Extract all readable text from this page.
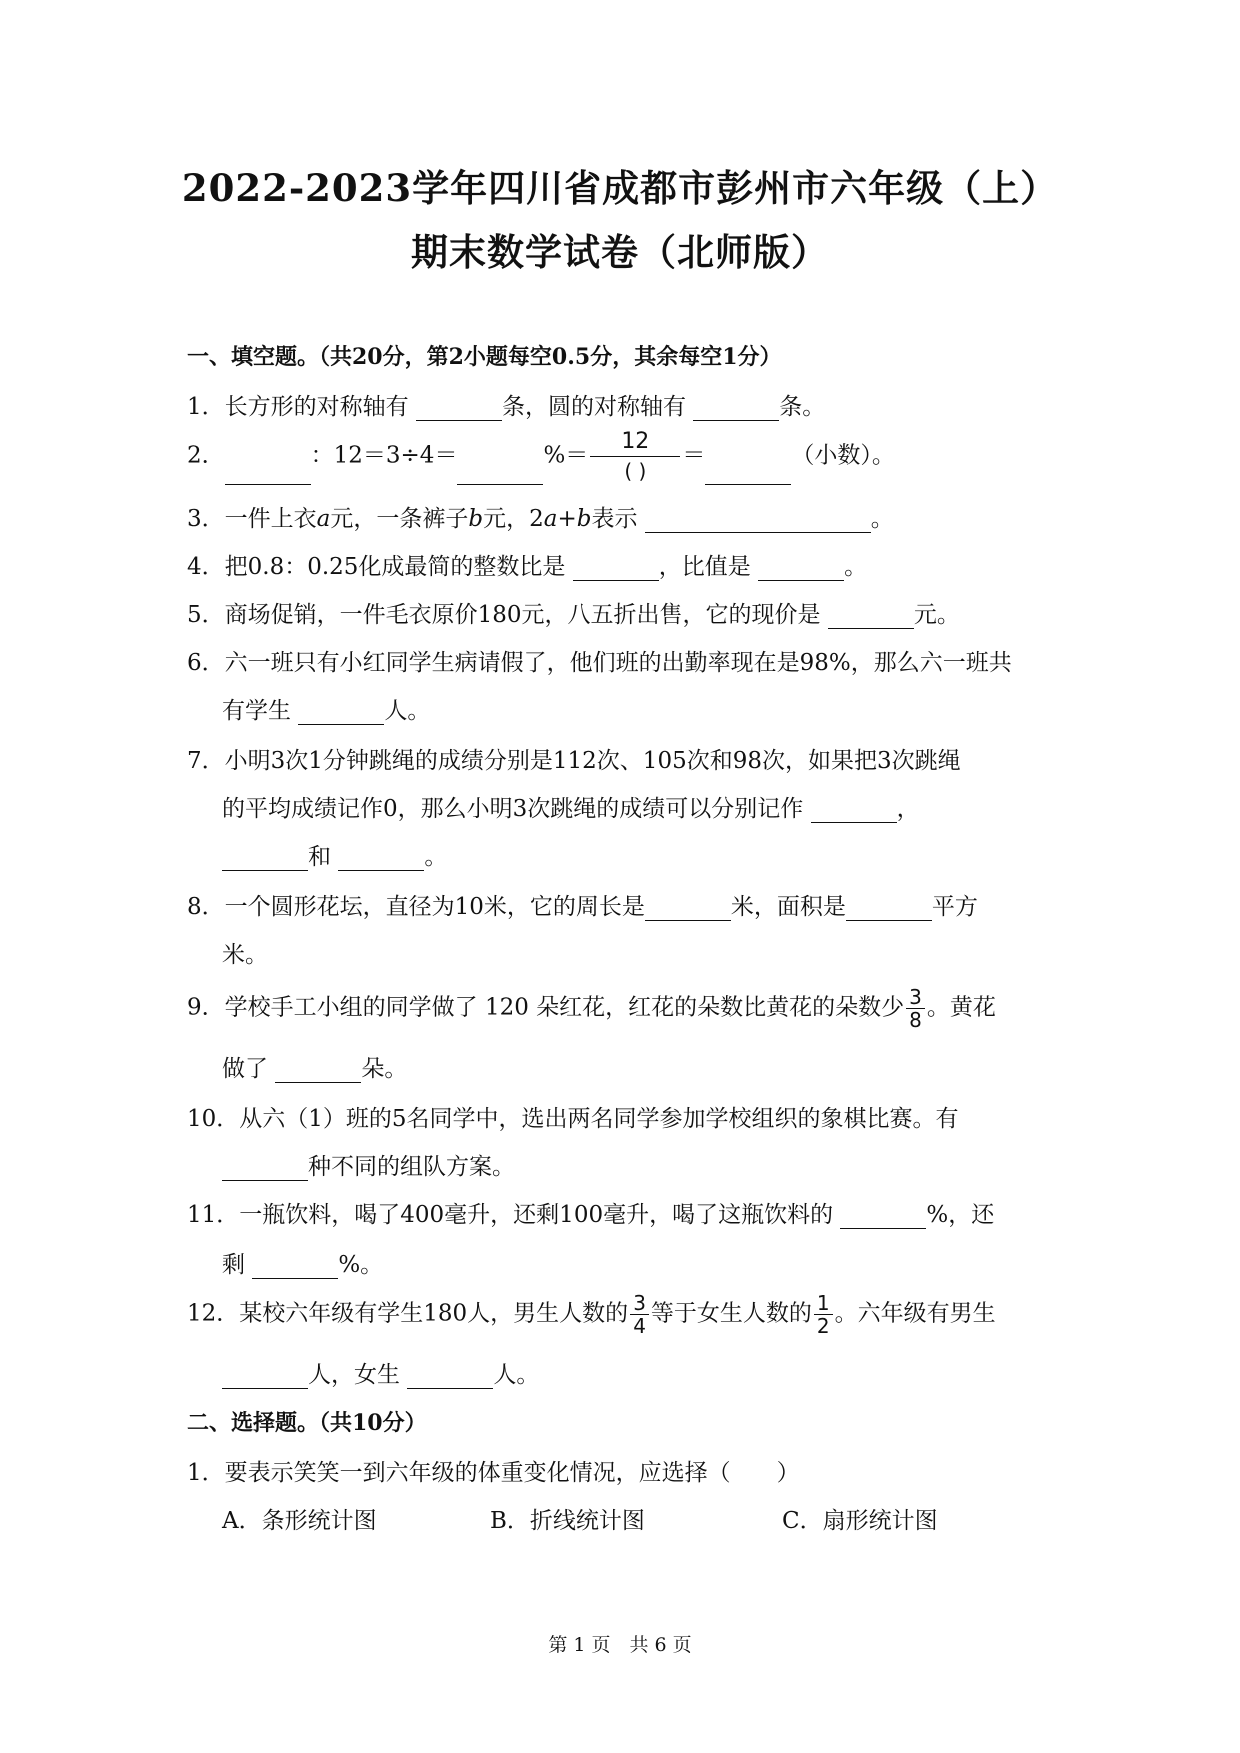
2022-2023学年四川省成都市彭州市六年级（上）
期末数学试卷（北师版）
一、填空题。（共20分，第2小题每空0.5分，其余每空1分）
1．长方形的对称轴有	条，圆的对称轴有	条。
2．	：12＝3÷4＝	%＝ $\frac{12}{( )}$ ＝	（小数）。
3．一件上衣a元，一条裤子b元，2a+b表示	。
4．把0.8：0.25化成最简的整数比是	，比值是	。
5．商场促销，一件毛衣原价180元，八五折出售，它的现价是	元。
6．六一班只有小红同学生病请假了，他们班的出勤率现在是98%，那么六一班共
有学生	人。
7．小明3次1分钟跳绳的成绩分别是112次、105次和98次，如果把3次跳绳
的平均成绩记作0，那么小明3次跳绳的成绩可以分别记作	，
和	。
8．一个圆形花坛，直径为10米，它的周长是	米，面积是	平方
米。
9．学校手工小组的同学做了 120 朵红花，红花的朵数比黄花的朵数少 $\frac{3}{8}$ 。黄花
做了	朵。
10．从六（1）班的5名同学中，选出两名同学参加学校组织的象棋比赛。有
种不同的组队方案。
11．一瓶饮料，喝了400毫升，还剩100毫升，喝了这瓶饮料的	%，还
剩	%。
12．某校六年级有学生180人，男生人数的 $\frac{3}{4}$ 等于女生人数的 $\frac{1}{2}$ 。六年级有男生
人，女生	人。
二、选择题。（共10分）
1．要表示笑笑一到六年级的体重变化情况，应选择（　　）
A．条形统计图	B．折线统计图	C．扇形统计图
第 1 页　共 6 页
